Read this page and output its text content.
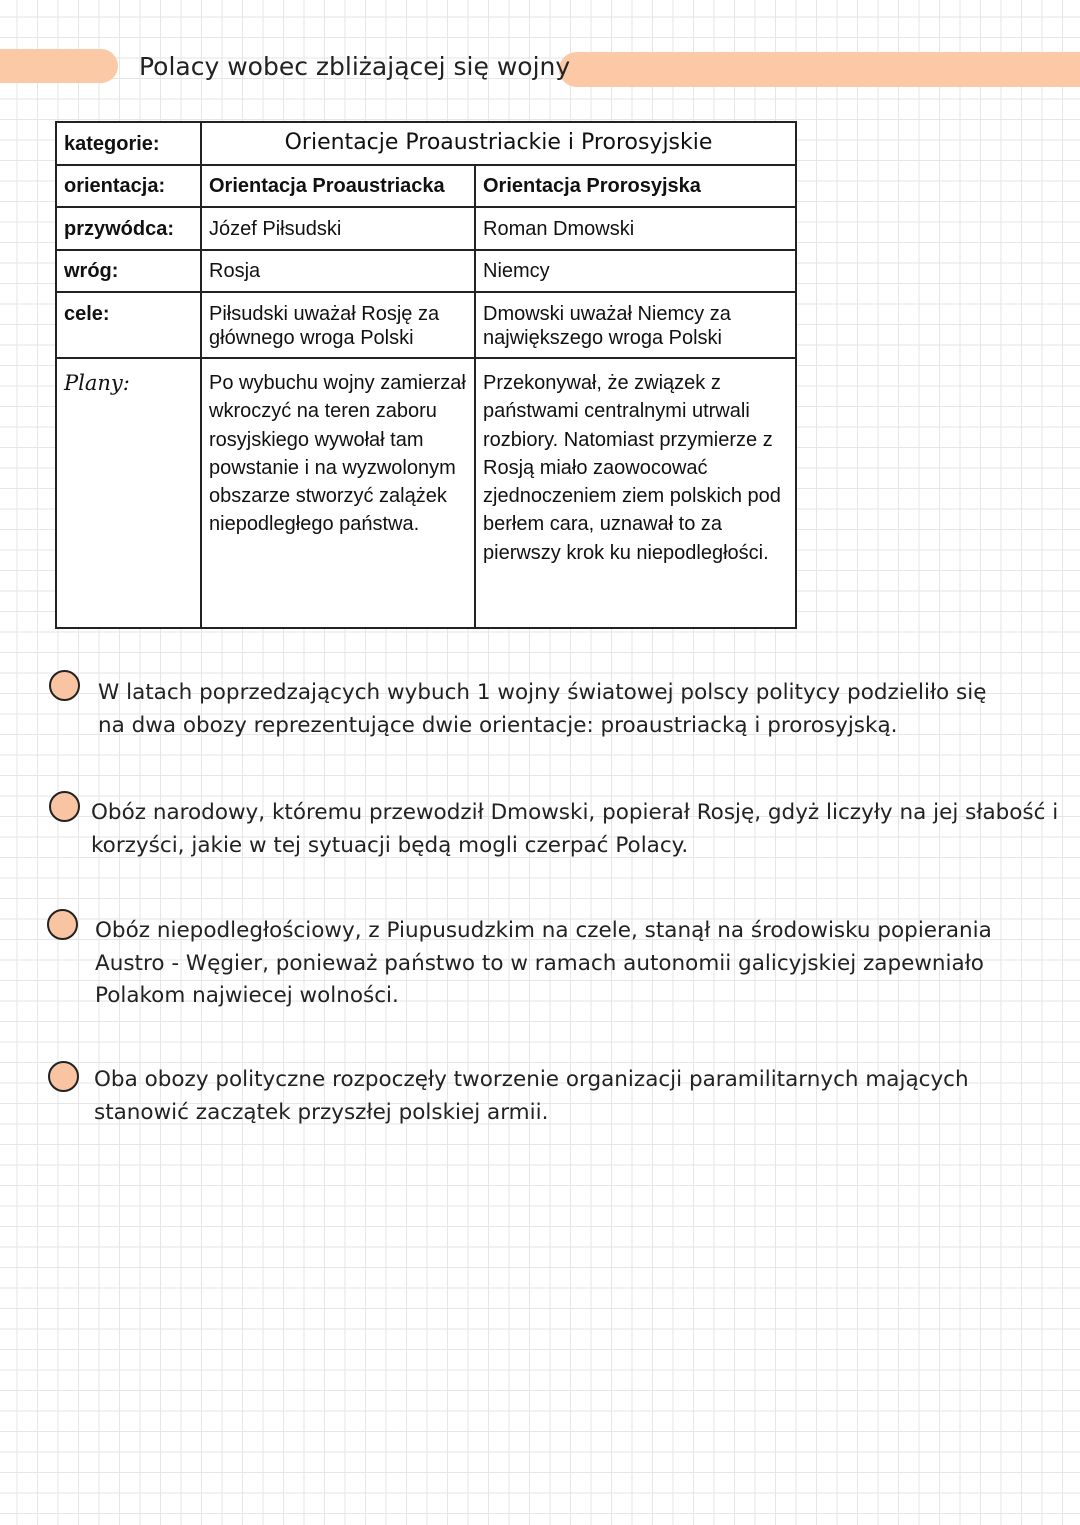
Polacy wobec zbliżającej się wojny
kategorie:	Orientacje Proaustriackie i Prorosyjskie	
orientacja:	Orientacja Proaustriacka	Orientacja Prorosyjska
przywódca:	Józef Piłsudski	Roman Dmowski
wróg:	Rosja	Niemcy
cele:	Piłsudski uważał Rosję za głównego wroga Polski	Dmowski uważał Niemcy za największego wroga Polski
Plany:	Po wybuchu wojny zamierzał wkroczyć na teren zaboru rosyjskiego wywołał tam powstanie i na wyzwolonym obszarze stworzyć zalążek niepodległego państwa.	Przekonywał, że związek z państwami centralnymi utrwali rozbiory. Natomiast przymierze z Rosją miało zaowocować zjednoczeniem ziem polskich pod berłem cara, uznawał to za pierwszy krok ku niepodległości.
W latach poprzedzających wybuch 1 wojny światowej polscy politycy podzieliło się na dwa obozy reprezentujące dwie orientacje: proaustriacką i prorosyjską.
Obóz narodowy, któremu przewodził Dmowski, popierał Rosję, gdyż liczyły na jej słabość i korzyści, jakie w tej sytuacji będą mogli czerpać Polacy.
Obóz niepodległościowy, z Piupusudzkim na czele, stanął na środowisku popierania Austro - Węgier, ponieważ państwo to w ramach autonomii galicyjskiej zapewniało Polakom najwiecej wolności.
Oba obozy polityczne rozpoczęły tworzenie organizacji paramilitarnych mających stanowić zaczątek przyszłej polskiej armii.
